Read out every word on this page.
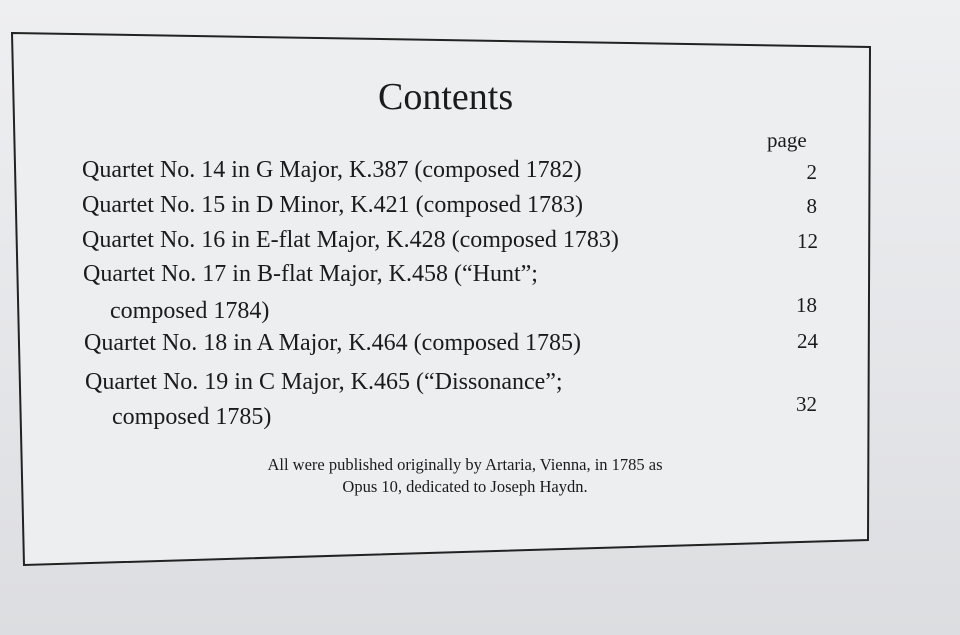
Contents
page
Quartet No. 14 in G Major, K.387 (composed 1782)	2
Quartet No. 15 in D Minor, K.421 (composed 1783)	8
Quartet No. 16 in E-flat Major, K.428 (composed 1783)	12
Quartet No. 17 in B-flat Major, K.458 (“Hunt”;
composed 1784)	18
Quartet No. 18 in A Major, K.464 (composed 1785)	24
Quartet No. 19 in C Major, K.465 (“Dissonance”;
composed 1785)	32
All were published originally by Artaria, Vienna, in 1785 as
Opus 10, dedicated to Joseph Haydn.
